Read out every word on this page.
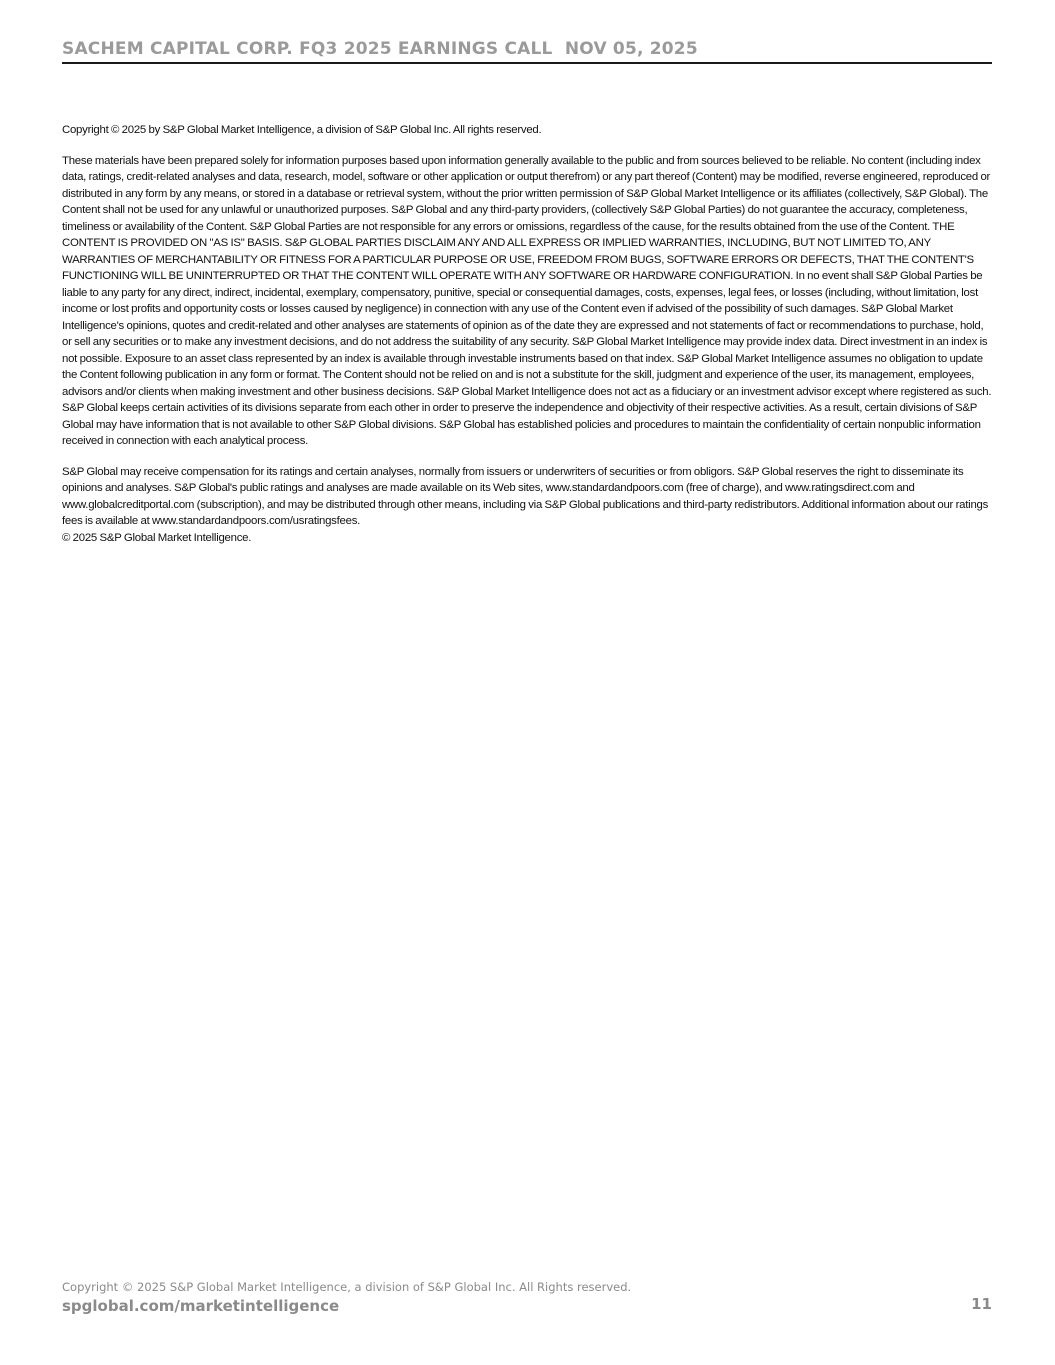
SACHEM CAPITAL CORP. FQ3 2025 EARNINGS CALL  NOV 05, 2025

Copyright © 2025 by S&P Global Market Intelligence, a division of S&P Global Inc. All rights reserved.

These materials have been prepared solely for information purposes based upon information generally available to the public and from sources believed to be reliable. No content (including index data, ratings, credit-related analyses and data, research, model, software or other application or output therefrom) or any part thereof (Content) may be modified, reverse engineered, reproduced or distributed in any form by any means, or stored in a database or retrieval system, without the prior written permission of S&P Global Market Intelligence or its affiliates (collectively, S&P Global). The Content shall not be used for any unlawful or unauthorized purposes. S&P Global and any third-party providers, (collectively S&P Global Parties) do not guarantee the accuracy, completeness, timeliness or availability of the Content. S&P Global Parties are not responsible for any errors or omissions, regardless of the cause, for the results obtained from the use of the Content. THE CONTENT IS PROVIDED ON "AS IS" BASIS. S&P GLOBAL PARTIES DISCLAIM ANY AND ALL EXPRESS OR IMPLIED WARRANTIES, INCLUDING, BUT NOT LIMITED TO, ANY WARRANTIES OF MERCHANTABILITY OR FITNESS FOR A PARTICULAR PURPOSE OR USE, FREEDOM FROM BUGS, SOFTWARE ERRORS OR DEFECTS, THAT THE CONTENT'S FUNCTIONING WILL BE UNINTERRUPTED OR THAT THE CONTENT WILL OPERATE WITH ANY SOFTWARE OR HARDWARE CONFIGURATION. In no event shall S&P Global Parties be liable to any party for any direct, indirect, incidental, exemplary, compensatory, punitive, special or consequential damages, costs, expenses, legal fees, or losses (including, without limitation, lost income or lost profits and opportunity costs or losses caused by negligence) in connection with any use of the Content even if advised of the possibility of such damages. S&P Global Market Intelligence's opinions, quotes and credit-related and other analyses are statements of opinion as of the date they are expressed and not statements of fact or recommendations to purchase, hold, or sell any securities or to make any investment decisions, and do not address the suitability of any security. S&P Global Market Intelligence may provide index data. Direct investment in an index is not possible. Exposure to an asset class represented by an index is available through investable instruments based on that index. S&P Global Market Intelligence assumes no obligation to update the Content following publication in any form or format. The Content should not be relied on and is not a substitute for the skill, judgment and experience of the user, its management, employees, advisors and/or clients when making investment and other business decisions. S&P Global Market Intelligence does not act as a fiduciary or an investment advisor except where registered as such. S&P Global keeps certain activities of its divisions separate from each other in order to preserve the independence and objectivity of their respective activities. As a result, certain divisions of S&P Global may have information that is not available to other S&P Global divisions. S&P Global has established policies and procedures to maintain the confidentiality of certain nonpublic information received in connection with each analytical process.

S&P Global may receive compensation for its ratings and certain analyses, normally from issuers or underwriters of securities or from obligors. S&P Global reserves the right to disseminate its opinions and analyses. S&P Global's public ratings and analyses are made available on its Web sites, www.standardandpoors.com (free of charge), and www.ratingsdirect.com and www.globalcreditportal.com (subscription), and may be distributed through other means, including via S&P Global publications and third-party redistributors. Additional information about our ratings fees is available at www.standardandpoors.com/usratingsfees.
© 2025 S&P Global Market Intelligence.

Copyright © 2025 S&P Global Market Intelligence, a division of S&P Global Inc. All Rights reserved.
spglobal.com/marketintelligence	11
